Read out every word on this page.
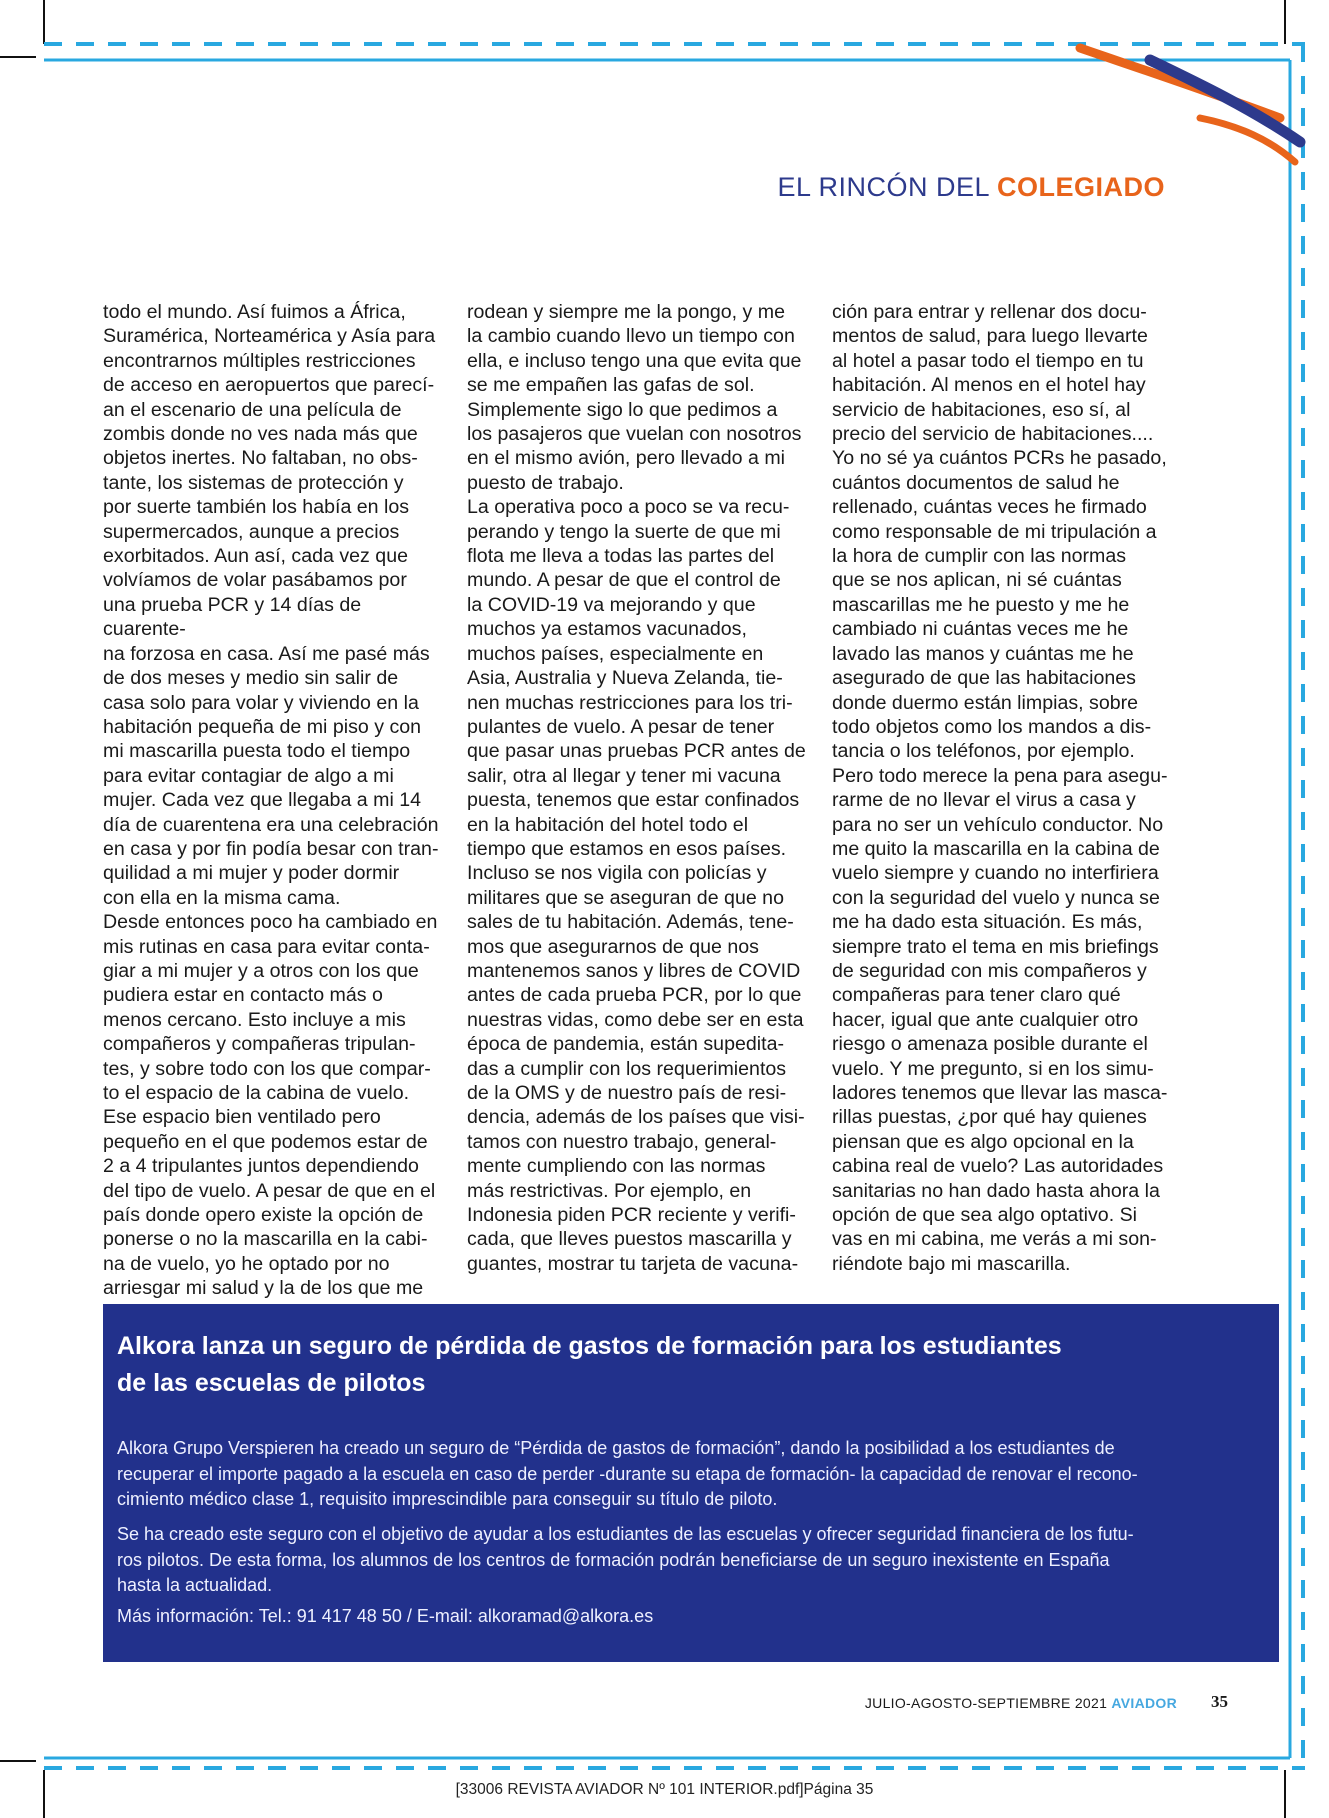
EL RINCÓN DEL COLEGIADO

todo el mundo. Así fuimos a África,
Suramérica, Norteamérica y Asía para
encontrarnos múltiples restricciones
de acceso en aeropuertos que parecí-
an el escenario de una película de
zombis donde no ves nada más que
objetos inertes. No faltaban, no obs-
tante, los sistemas de protección y
por suerte también los había en los
supermercados, aunque a precios
exorbitados. Aun así, cada vez que
volvíamos de volar pasábamos por
una prueba PCR y 14 días de cuarente-
na forzosa en casa. Así me pasé más
de dos meses y medio sin salir de
casa solo para volar y viviendo en la
habitación pequeña de mi piso y con
mi mascarilla puesta todo el tiempo
para evitar contagiar de algo a mi
mujer. Cada vez que llegaba a mi 14
día de cuarentena era una celebración
en casa y por fin podía besar con tran-
quilidad a mi mujer y poder dormir
con ella en la misma cama.
Desde entonces poco ha cambiado en
mis rutinas en casa para evitar conta-
giar a mi mujer y a otros con los que
pudiera estar en contacto más o
menos cercano. Esto incluye a mis
compañeros y compañeras tripulan-
tes, y sobre todo con los que compar-
to el espacio de la cabina de vuelo.
Ese espacio bien ventilado pero
pequeño en el que podemos estar de
2 a 4 tripulantes juntos dependiendo
del tipo de vuelo. A pesar de que en el
país donde opero existe la opción de
ponerse o no la mascarilla en la cabi-
na de vuelo, yo he optado por no
arriesgar mi salud y la de los que me

rodean y siempre me la pongo, y me
la cambio cuando llevo un tiempo con
ella, e incluso tengo una que evita que
se me empañen las gafas de sol.
Simplemente sigo lo que pedimos a
los pasajeros que vuelan con nosotros
en el mismo avión, pero llevado a mi
puesto de trabajo.
La operativa poco a poco se va recu-
perando y tengo la suerte de que mi
flota me lleva a todas las partes del
mundo. A pesar de que el control de
la COVID-19 va mejorando y que
muchos ya estamos vacunados,
muchos países, especialmente en
Asia, Australia y Nueva Zelanda, tie-
nen muchas restricciones para los tri-
pulantes de vuelo. A pesar de tener
que pasar unas pruebas PCR antes de
salir, otra al llegar y tener mi vacuna
puesta, tenemos que estar confinados
en la habitación del hotel todo el
tiempo que estamos en esos países.
Incluso se nos vigila con policías y
militares que se aseguran de que no
sales de tu habitación. Además, tene-
mos que asegurarnos de que nos
mantenemos sanos y libres de COVID
antes de cada prueba PCR, por lo que
nuestras vidas, como debe ser en esta
época de pandemia, están supedita-
das a cumplir con los requerimientos
de la OMS y de nuestro país de resi-
dencia, además de los países que visi-
tamos con nuestro trabajo, general-
mente cumpliendo con las normas
más restrictivas. Por ejemplo, en
Indonesia piden PCR reciente y verifi-
cada, que lleves puestos mascarilla y
guantes, mostrar tu tarjeta de vacuna-

ción para entrar y rellenar dos docu-
mentos de salud, para luego llevarte
al hotel a pasar todo el tiempo en tu
habitación. Al menos en el hotel hay
servicio de habitaciones, eso sí, al
precio del servicio de habitaciones....
Yo no sé ya cuántos PCRs he pasado,
cuántos documentos de salud he
rellenado, cuántas veces he firmado
como responsable de mi tripulación a
la hora de cumplir con las normas
que se nos aplican, ni sé cuántas
mascarillas me he puesto y me he
cambiado ni cuántas veces me he
lavado las manos y cuántas me he
asegurado de que las habitaciones
donde duermo están limpias, sobre
todo objetos como los mandos a dis-
tancia o los teléfonos, por ejemplo.
Pero todo merece la pena para asegu-
rarme de no llevar el virus a casa y
para no ser un vehículo conductor. No
me quito la mascarilla en la cabina de
vuelo siempre y cuando no interfiriera
con la seguridad del vuelo y nunca se
me ha dado esta situación. Es más,
siempre trato el tema en mis briefings
de seguridad con mis compañeros y
compañeras para tener claro qué
hacer, igual que ante cualquier otro
riesgo o amenaza posible durante el
vuelo. Y me pregunto, si en los simu-
ladores tenemos que llevar las masca-
rillas puestas, ¿por qué hay quienes
piensan que es algo opcional en la
cabina real de vuelo? Las autoridades
sanitarias no han dado hasta ahora la
opción de que sea algo optativo. Si
vas en mi cabina, me verás a mi son-
riéndote bajo mi mascarilla.

Alkora lanza un seguro de pérdida de gastos de formación para los estudiantes
de las escuelas de pilotos
Alkora Grupo Verspieren ha creado un seguro de “Pérdida de gastos de formación”, dando la posibilidad a los estudiantes de
recuperar el importe pagado a la escuela en caso de perder -durante su etapa de formación- la capacidad de renovar el recono-
cimiento médico clase 1, requisito imprescindible para conseguir su título de piloto.
Se ha creado este seguro con el objetivo de ayudar a los estudiantes de las escuelas y ofrecer seguridad financiera de los futu-
ros pilotos. De esta forma, los alumnos de los centros de formación podrán beneficiarse de un seguro inexistente en España
hasta la actualidad.
Más información: Tel.: 91 417 48 50 / E-mail: alkoramad@alkora.es
JULIO-AGOSTO-SEPTIEMBRE 2021 AVIADOR 35
[33006 REVISTA AVIADOR Nº 101 INTERIOR.pdf]Página 35
